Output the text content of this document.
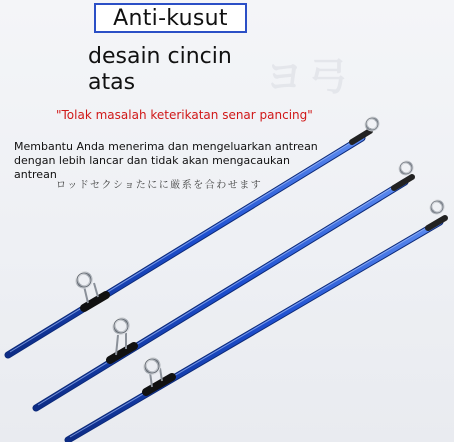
ヨ弓
Anti-kusut
desain cincin
atas
"Tolak masalah keterikatan senar pancing"
Membantu Anda menerima dan mengeluarkan antrean dengan lebih lancar dan tidak akan mengacaukan antrean
ロッドセクショたにに厳系を合わせます
